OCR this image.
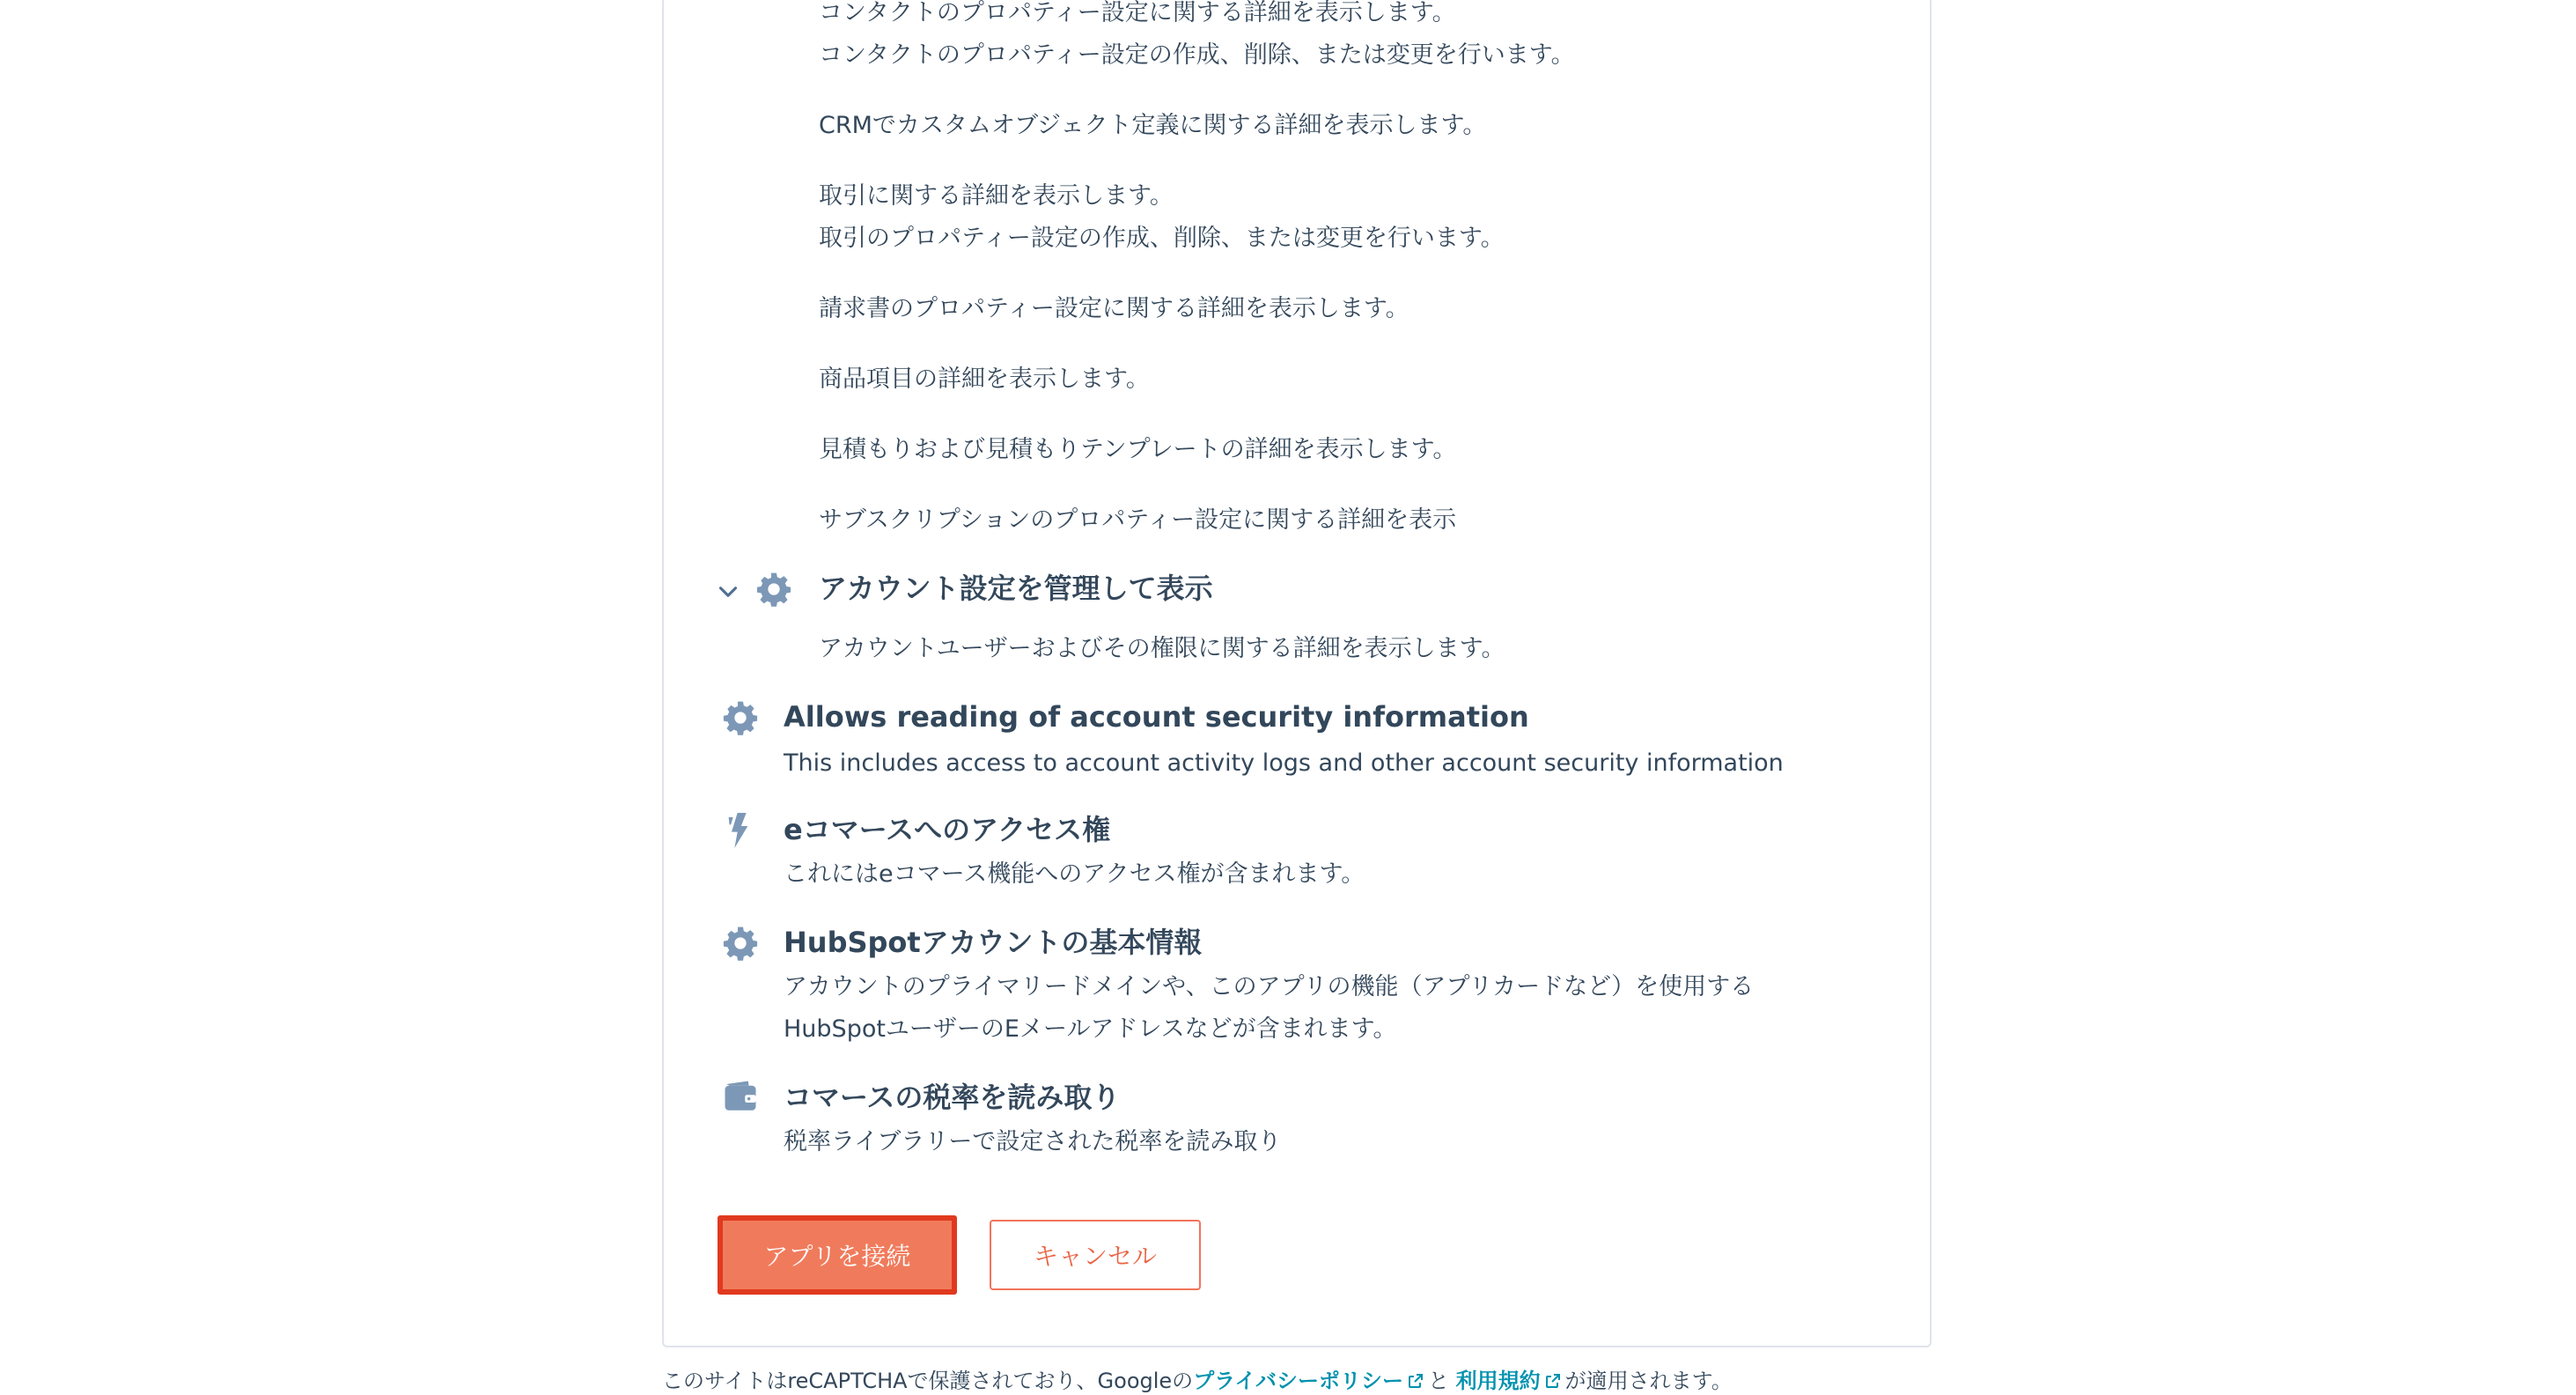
コンタクトのプロパティー設定に関する詳細を表示します。
コンタクトのプロパティー設定の作成、削除、または変更を行います。
CRMでカスタムオブジェクト定義に関する詳細を表示します。
取引に関する詳細を表示します。
取引のプロパティー設定の作成、削除、または変更を行います。
請求書のプロパティー設定に関する詳細を表示します。
商品項目の詳細を表示します。
見積もりおよび見積もりテンプレートの詳細を表示します。
サブスクリプションのプロパティー設定に関する詳細を表示
アカウント設定を管理して表示
アカウントユーザーおよびその権限に関する詳細を表示します。
Allows reading of account security information
This includes access to account activity logs and other account security information
eコマースへのアクセス権
これにはeコマース機能へのアクセス権が含まれます。
HubSpotアカウントの基本情報
アカウントのプライマリードメインや、このアプリの機能（アプリカードなど）を使用する
HubSpotユーザーのEメールアドレスなどが含まれます。
コマースの税率を読み取り
税率ライブラリーで設定された税率を読み取り
アプリを接続	キャンセル
このサイトはreCAPTCHAで保護されており、Googleのプライバシーポリシー と 利用規約 が適用されます。
